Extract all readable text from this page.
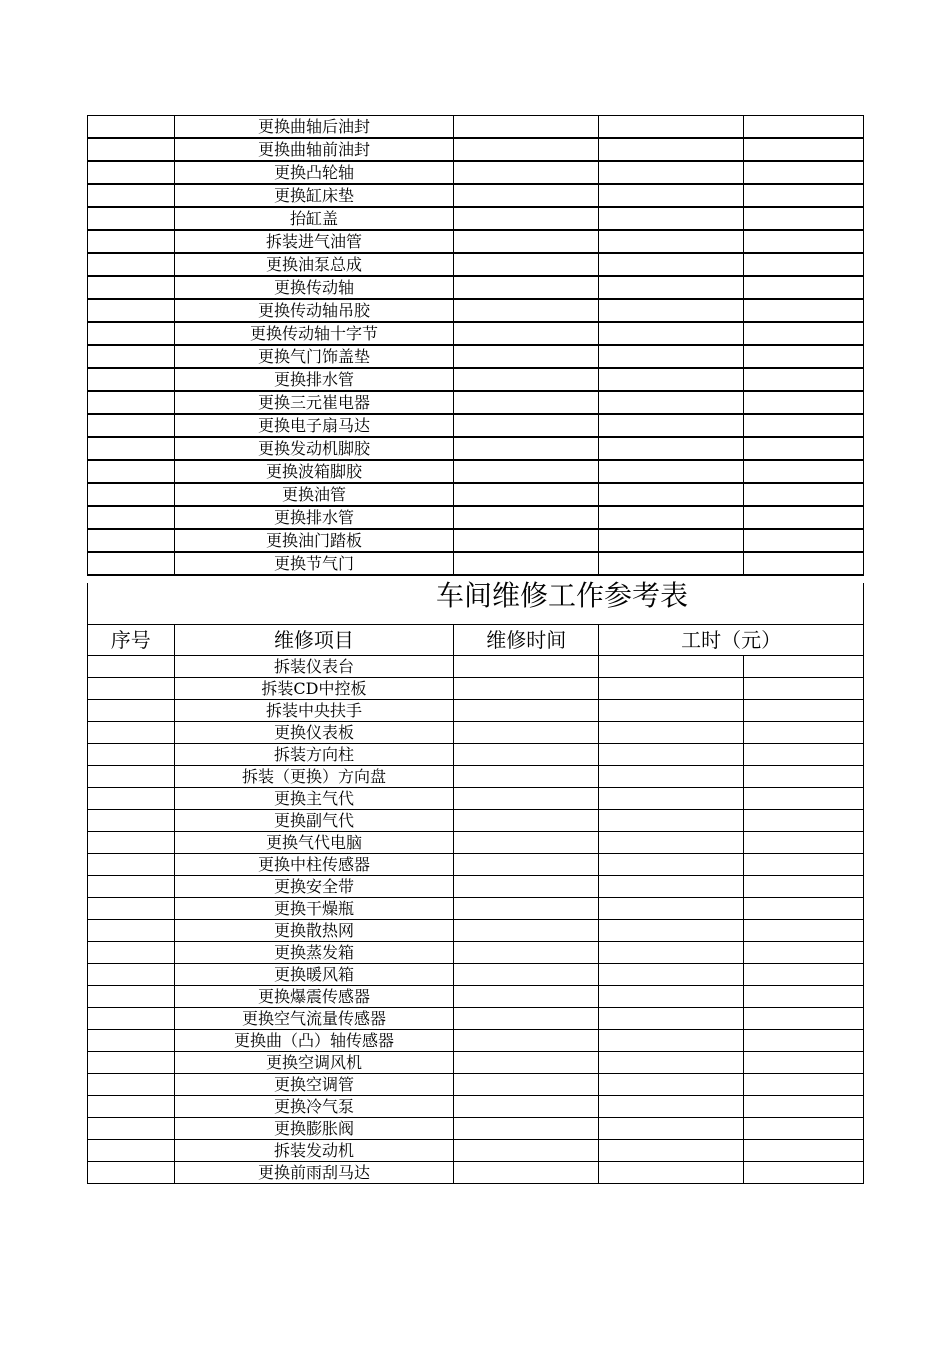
	更换曲轴后油封			
	更换曲轴前油封			
	更换凸轮轴			
	更换缸床垫			
	抬缸盖			
	拆装进气油管			
	更换油泵总成			
	更换传动轴			
	更换传动轴吊胶			
	更换传动轴十字节			
	更换气门饰盖垫			
	更换排水管			
	更换三元崔电器			
	更换电子扇马达			
	更换发动机脚胶			
	更换波箱脚胶			
	更换油管			
	更换排水管			
	更换油门踏板			
	更换节气门			
车间维修工作参考表
序号	维修项目	维修时间	工时（元）	
	拆装仪表台			
	拆装CD中控板			
	拆装中央扶手			
	更换仪表板			
	拆装方向柱			
	拆装（更换）方向盘			
	更换主气代			
	更换副气代			
	更换气代电脑			
	更换中柱传感器			
	更换安全带			
	更换干燥瓶			
	更换散热网			
	更换蒸发箱			
	更换暖风箱			
	更换爆震传感器			
	更换空气流量传感器			
	更换曲（凸）轴传感器			
	更换空调风机			
	更换空调管			
	更换冷气泵			
	更换膨胀阀			
	拆装发动机			
	更换前雨刮马达			
